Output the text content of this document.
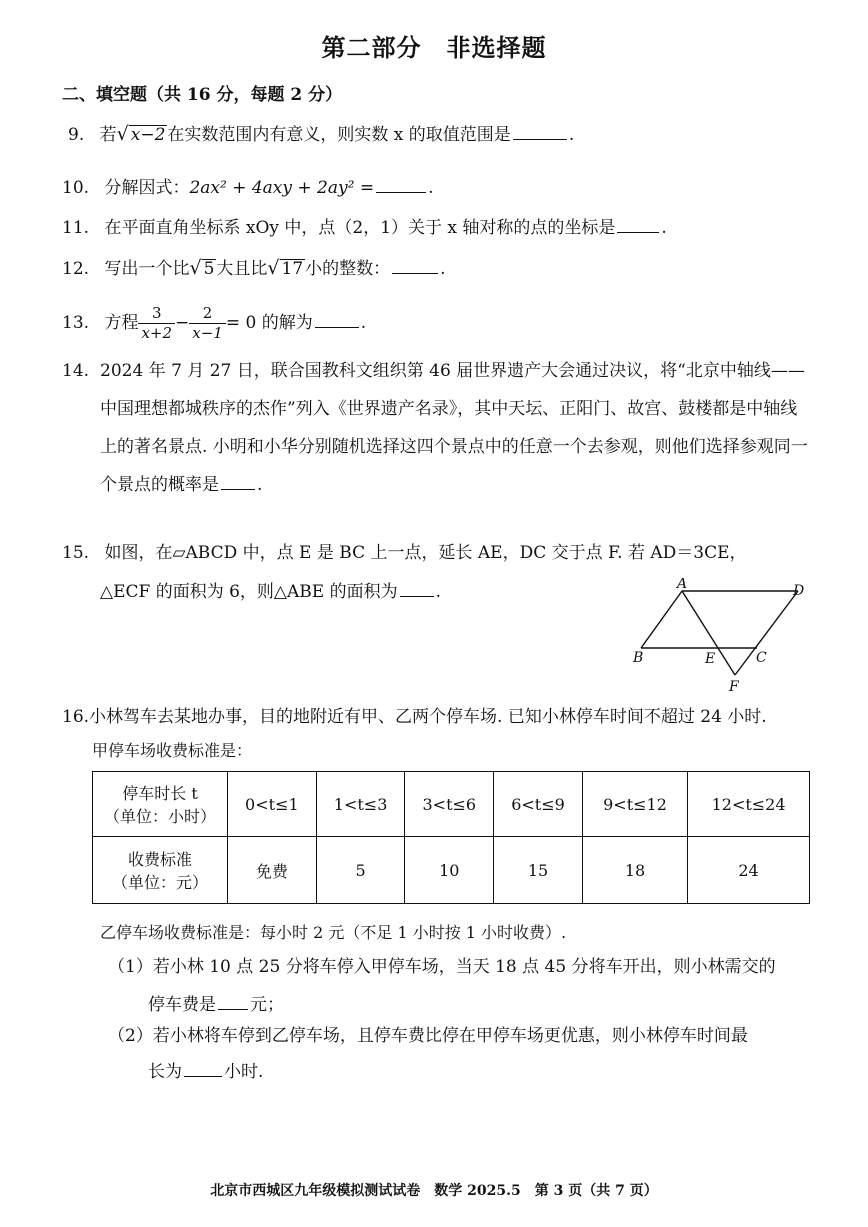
第二部分　非选择题
二、填空题（共 16 分，每题 2 分）
9. 若√ x−2 在实数范围内有意义，则实数 x 的取值范围是	.
10. 分解因式：2ax² + 4axy + 2ay² =	.
11. 在平面直角坐标系 xOy 中，点（2，1）关于 x 轴对称的点的坐标是	.
12. 写出一个比√ 5 大且比√ 17 小的整数：	.
13. 方程 $\frac{3}{x+2} - \frac{2}{x-1} = 0$ 的解为	.
14. 2024 年 7 月 27 日，联合国教科文组织第 46 届世界遗产大会通过决议，将“北京中轴线——中国理想都城秩序的杰作”列入《世界遗产名录》，其中天坛、正阳门、故宫、鼓楼都是中轴线上的著名景点. 小明和小华分别随机选择这四个景点中的任意一个去参观，则他们选择参观同一个景点的概率是 .
15. 如图，在▱ABCD 中，点 E 是 BC 上一点，延长 AE，DC 交于点 F. 若 AD＝3CE，
△ECF 的面积为 6，则△ABE 的面积为 .	A	D
B	E	C
F
16.小林驾车去某地办事，目的地附近有甲、乙两个停车场. 已知小林停车时间不超过 24 小时.
甲停车场收费标准是：
停车时长 t
（单位：小时）	0<t≤1	1<t≤3	3<t≤6	6<t≤9	9<t≤12	12<t≤24

收费标准
（单位：元）	免费	5	10	15	18	24
乙停车场收费标准是：每小时 2 元（不足 1 小时按 1 小时收费）.
（1）若小林 10 点 25 分将车停入甲停车场，当天 18 点 45 分将车开出，则小林需交的
停车费是 元；
（2）若小林将车停到乙停车场，且停车费比停在甲停车场更优惠，则小林停车时间最
长为 小时.
北京市西城区九年级模拟测试试卷　数学 2025.5　第 3 页（共 7 页）
